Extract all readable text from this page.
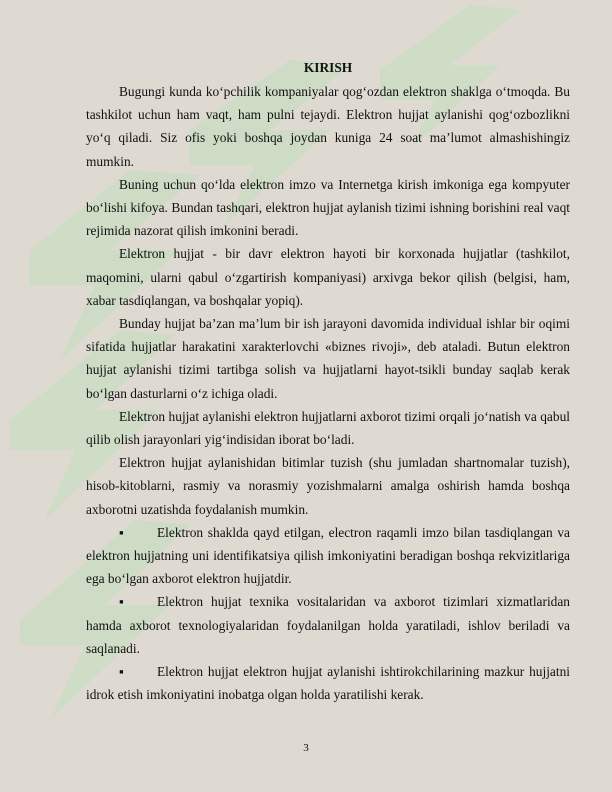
KIRISH

Bugungi kunda ko‘pchilik kompaniyalar qog‘ozdan elektron shaklga o‘tmoqda. Bu tashkilot uchun ham vaqt, ham pulni tejaydi. Elektron hujjat aylanishi qog‘ozbozlikni yo‘q qiladi. Siz ofis yoki boshqa joydan kuniga 24 soat ma’lumot almashishingiz mumkin.

Buning uchun qo‘lda elektron imzo va Internetga kirish imkoniga ega kompyuter bo‘lishi kifoya. Bundan tashqari, elektron hujjat aylanish tizimi ishning borishini real vaqt rejimida nazorat qilish imkonini beradi.

Elektron hujjat - bir davr elektron hayoti bir korxonada hujjatlar (tashkilot, maqomini, ularni qabul o‘zgartirish kompaniyasi) arxivga bekor qilish (belgisi, ham, xabar tasdiqlangan, va boshqalar yopiq).

Bunday hujjat ba’zan ma’lum bir ish jarayoni davomida individual ishlar bir oqimi sifatida hujjatlar harakatini xarakterlovchi «biznes rivoji», deb ataladi. Butun elektron hujjat aylanishi tizimi tartibga solish va hujjatlarni hayot-tsikli bunday saqlab kerak bo‘lgan dasturlarni o‘z ichiga oladi.

Elektron hujjat aylanishi elektron hujjatlarni axborot tizimi orqali jo‘natish va qabul qilib olish jarayonlari yig‘indisidan iborat bo‘ladi.

Elektron hujjat aylanishidan bitimlar tuzish (shu jumladan shartnomalar tuzish), hisob-kitoblarni, rasmiy va norasmiy yozishmalarni amalga oshirish hamda boshqa axborotni uzatishda foydalanish mumkin.

▪ Elektron shaklda qayd etilgan, electron raqamli imzo bilan tasdiqlangan va elektron hujjatning uni identifikatsiya qilish imkoniyatini beradigan boshqa rekvizitlariga ega bo‘lgan axborot elektron hujjatdir.

▪ Elektron hujjat texnika vositalaridan va axborot tizimlari xizmatlaridan hamda axborot texnologiyalaridan foydalanilgan holda yaratiladi, ishlov beriladi va saqlanadi.

▪ Elektron hujjat elektron hujjat aylanishi ishtirokchilarining mazkur hujjatni idrok etish imkoniyatini inobatga olgan holda yaratilishi kerak.

3
